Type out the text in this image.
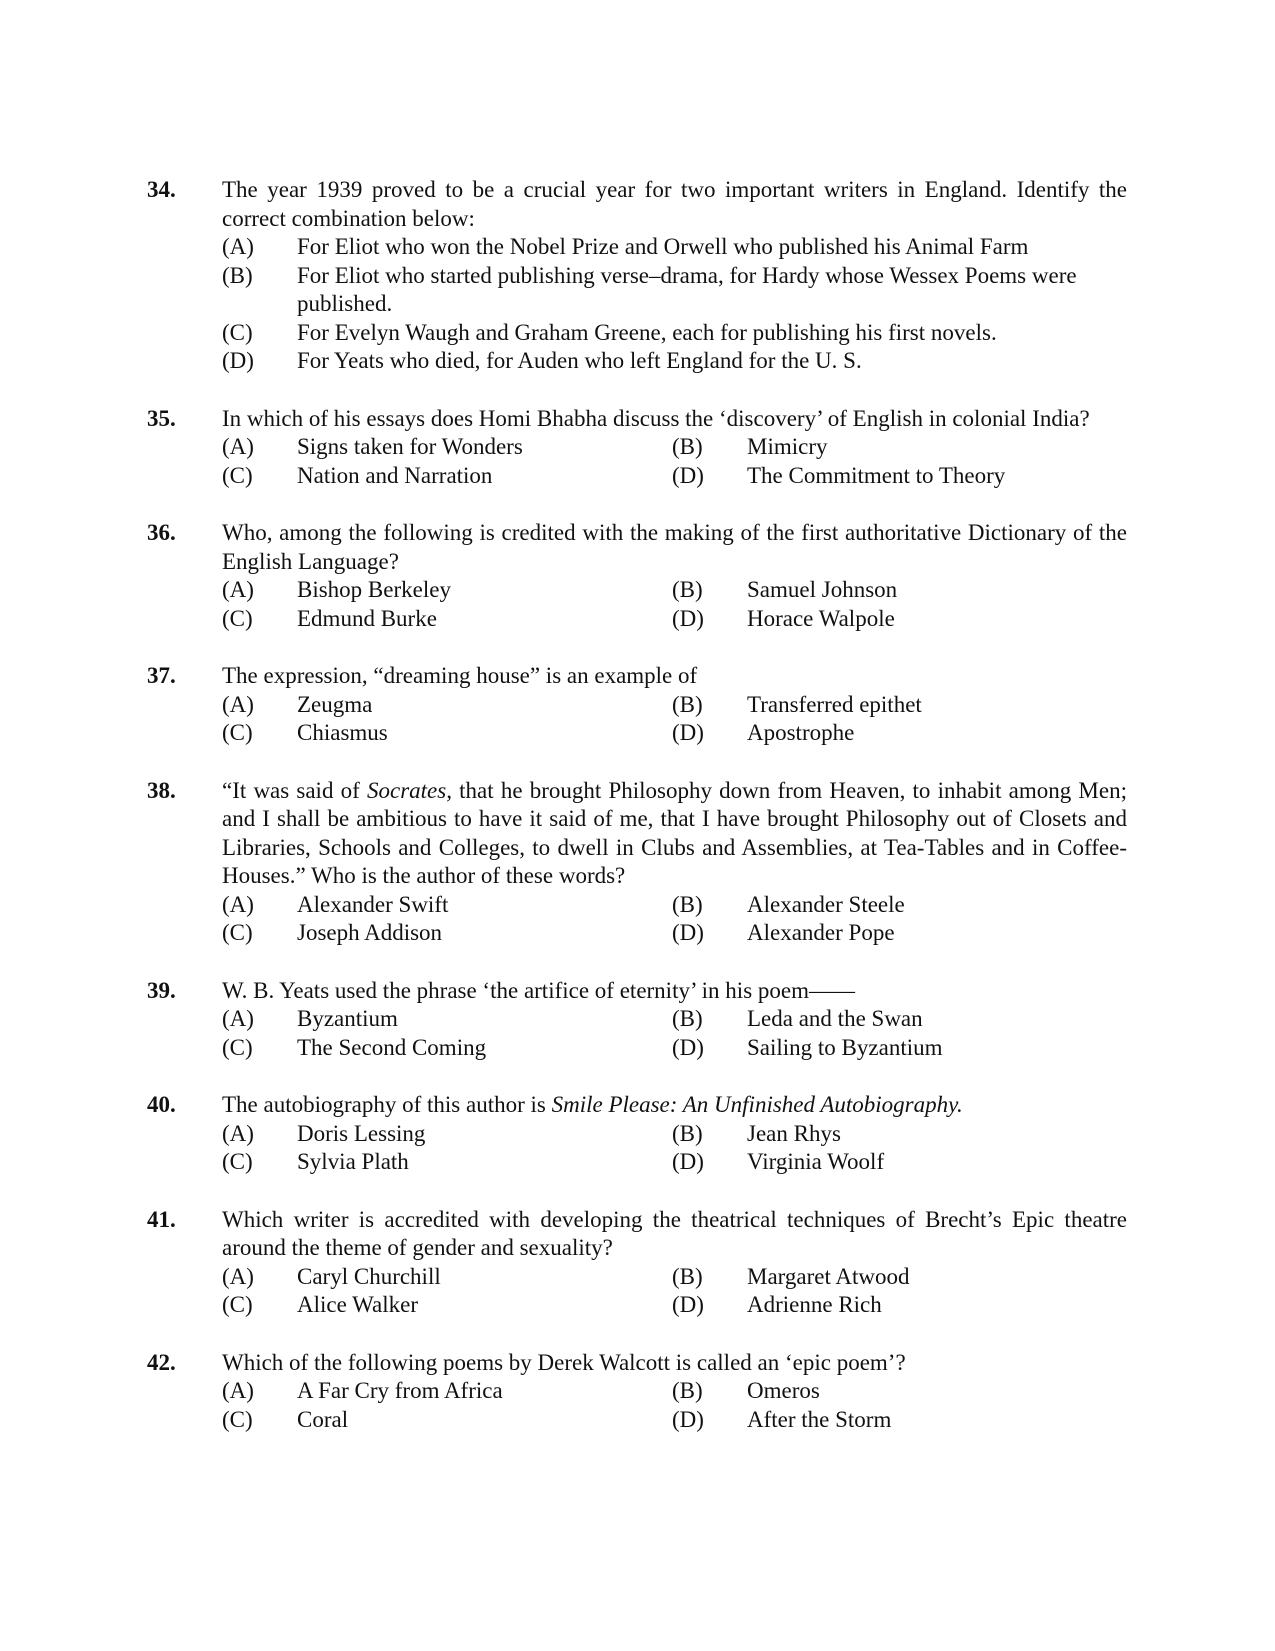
34. The year 1939 proved to be a crucial year for two important writers in England. Identify the correct combination below:
(A) For Eliot who won the Nobel Prize and Orwell who published his Animal Farm
(B) For Eliot who started publishing verse–drama, for Hardy whose Wessex Poems were published.
(C) For Evelyn Waugh and Graham Greene, each for publishing his first novels.
(D) For Yeats who died, for Auden who left England for the U. S.
35. In which of his essays does Homi Bhabha discuss the ‘discovery’ of English in colonial India?
(A) Signs taken for Wonders	(B) Mimicry
(C) Nation and Narration	(D) The Commitment to Theory
36. Who, among the following is credited with the making of the first authoritative Dictionary of the English Language?
(A) Bishop Berkeley	(B) Samuel Johnson
(C) Edmund Burke	(D) Horace Walpole
37. The expression, “dreaming house” is an example of
(A) Zeugma	(B) Transferred epithet
(C) Chiasmus	(D) Apostrophe
38. “It was said of Socrates, that he brought Philosophy down from Heaven, to inhabit among Men; and I shall be ambitious to have it said of me, that I have brought Philosophy out of Closets and Libraries, Schools and Colleges, to dwell in Clubs and Assemblies, at Tea-Tables and in Coffee-Houses.” Who is the author of these words?
(A) Alexander Swift	(B) Alexander Steele
(C) Joseph Addison	(D) Alexander Pope
39. W. B. Yeats used the phrase ‘the artifice of eternity’ in his poem——
(A) Byzantium	(B) Leda and the Swan
(C) The Second Coming	(D) Sailing to Byzantium
40. The autobiography of this author is Smile Please: An Unfinished Autobiography.
(A) Doris Lessing	(B) Jean Rhys
(C) Sylvia Plath	(D) Virginia Woolf
41. Which writer is accredited with developing the theatrical techniques of Brecht’s Epic theatre around the theme of gender and sexuality?
(A) Caryl Churchill	(B) Margaret Atwood
(C) Alice Walker	(D) Adrienne Rich
42. Which of the following poems by Derek Walcott is called an ‘epic poem’?
(A) A Far Cry from Africa	(B) Omeros
(C) Coral	(D) After the Storm
